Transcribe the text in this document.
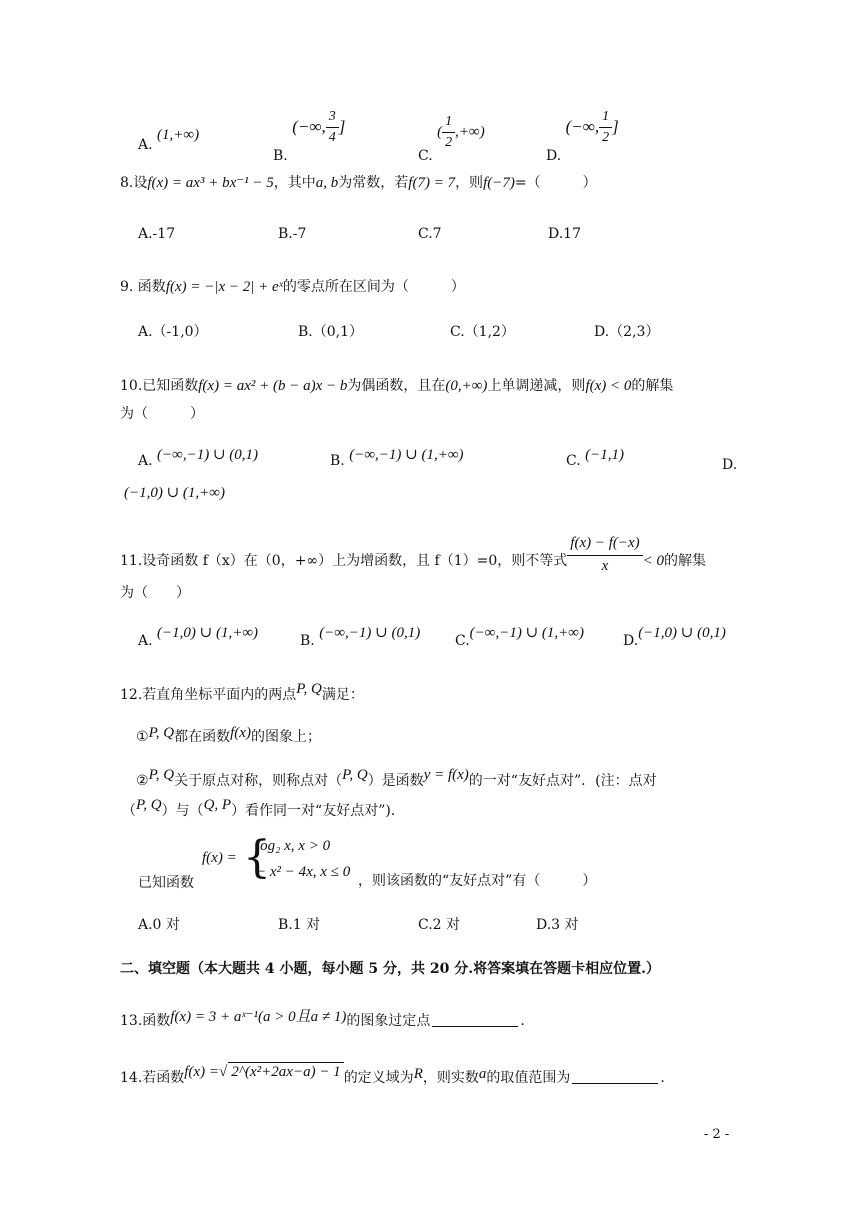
A. (1,+∞)
B. (−∞, $\frac{3}{4}$ ]
C. ( $\frac{1}{2}$ ,+∞)
D. (−∞, $\frac{1}{2}$ ]
8.设f(x) = ax³ + bx⁻¹ − 5，其中a, b为常数，若f(7) = 7，则f(−7)=（　　　）
A.-17	B.-7	C.7	D.17
9. 函数f(x) = −|x − 2| + eˣ的零点所在区间为（　　　）
A.（-1,0）	B.（0,1）	C.（1,2）	D.（2,3）
10.已知函数f(x) = ax² + (b − a)x − b为偶函数，且在(0,+∞)上单调递减，则f(x) < 0的解集
为（　　　）
A. (−∞,−1) ∪ (0,1)	B. (−∞,−1) ∪ (1,+∞)	C. (−1,1)
D.
(−1,0) ∪ (1,+∞)
11.设奇函数 f（x）在（0，+∞）上为增函数，且 f（1）=0，则不等式 $\frac{f(x) - f(-x)}{x} < 0$的解集
为（　　）
A. (−1,0) ∪ (1,+∞)	B. (−∞,−1) ∪ (0,1) C.(−∞,−1) ∪ (1,+∞)	D.(−1,0) ∪ (0,1)
12.若直角坐标平面内的两点P, Q满足：
①P, Q都在函数f(x)的图象上；
②P, Q关于原点对称，则称点对（P, Q）是函数y = f(x)的一对“友好点对”．(注：点对
（P, Q）与（Q, P）看作同一对“友好点对”)．
已知函数
f(x) = {
log₂ x, x > 0
− x² − 4x, x ≤ 0
，则该函数的“友好点对”有（　　　）
A.0 对	B.1 对	C.2 对	D.3 对
二、填空题（本大题共 4 小题，每小题 5 分，共 20 分.将答案填在答题卡相应位置.）
13.函数f(x) = 3 + aˣ⁻¹(a > 0且a ≠ 1)的图象过定点	.
14.若函数f(x) =√ 2^(x²+2ax−a) − 1 的定义域为R，则实数a的取值范围为	.
- 2 -
